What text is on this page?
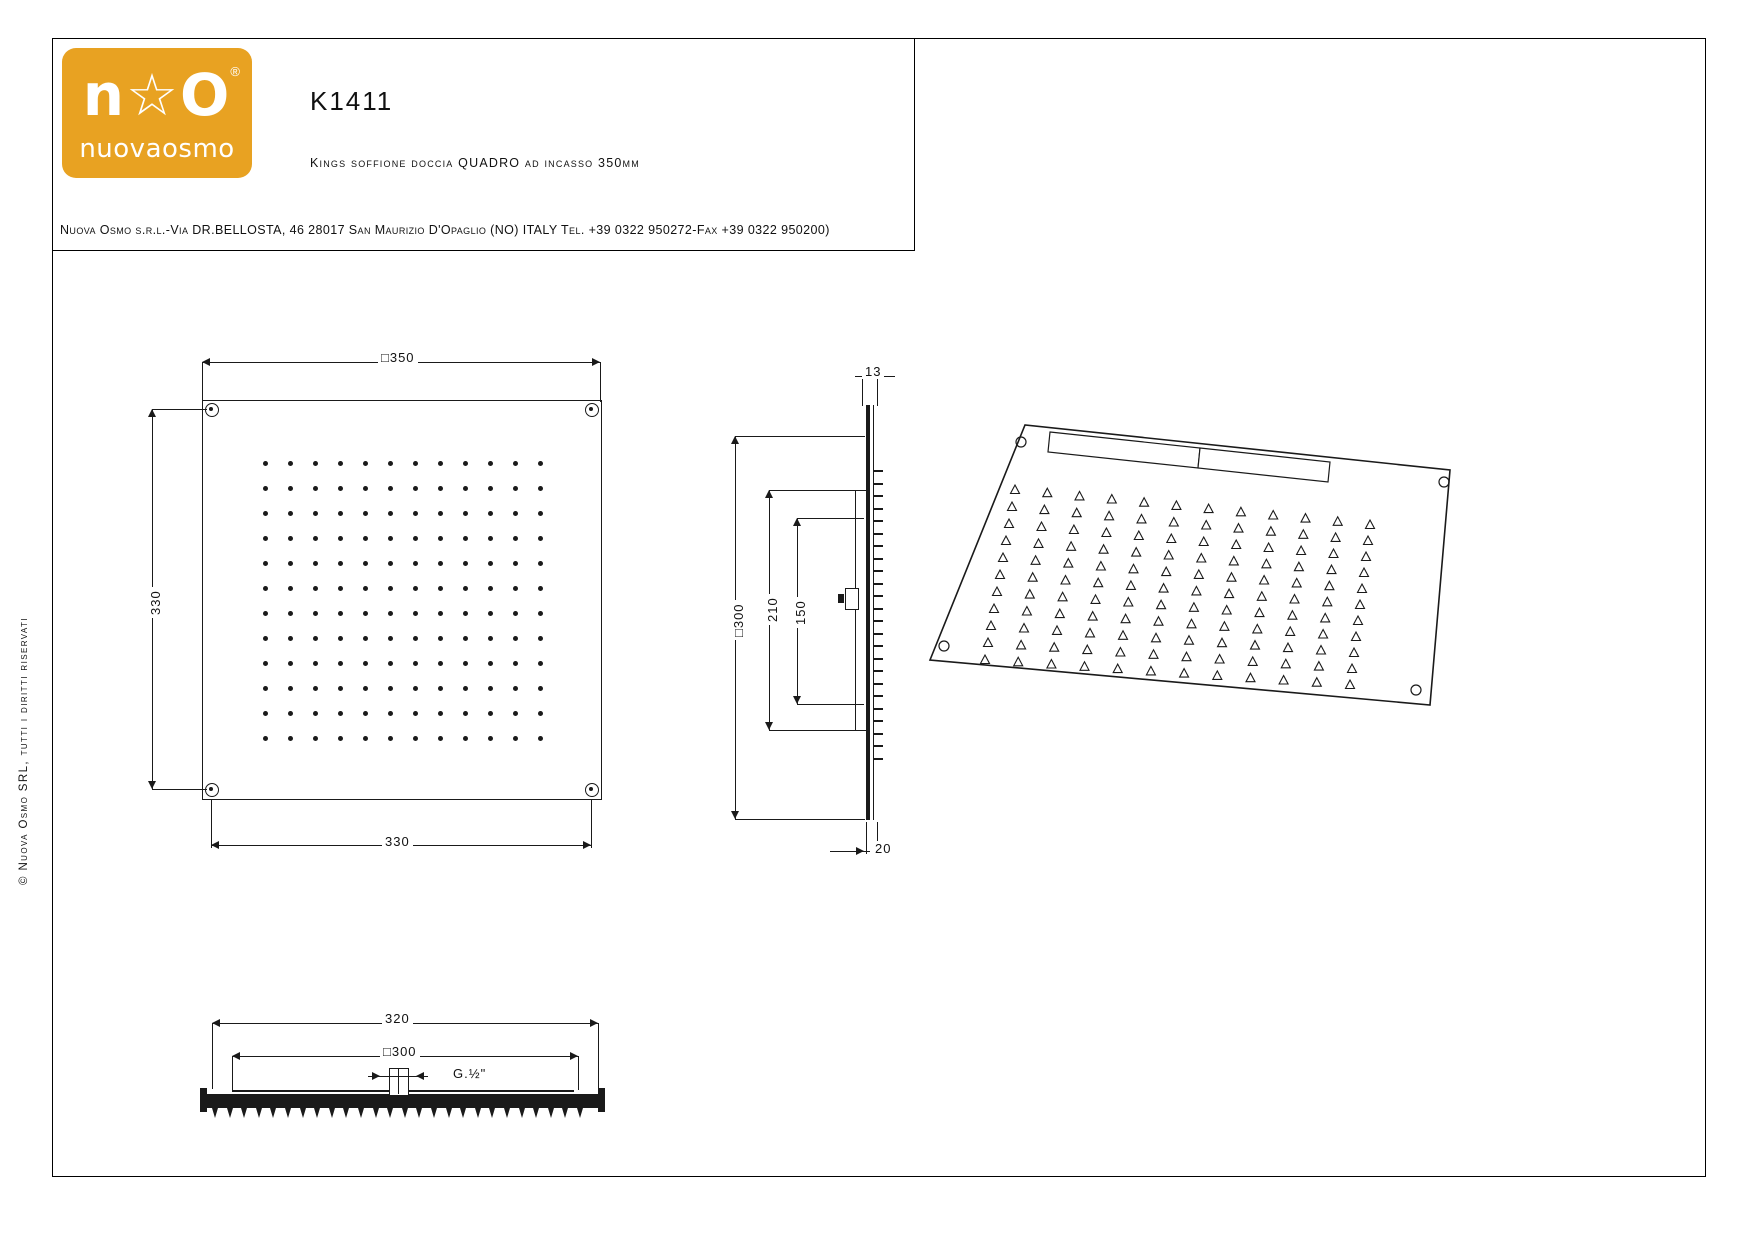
n☆O ®
nuovaosmo
K1411
Kings soffione doccia QUADRO ad incasso 350mm
Nuova Osmo s.r.l.-Via DR.BELLOSTA, 46 28017 San Maurizio D'Opaglio (NO) ITALY Tel. +39 0322 950272-Fax +39 0322 950200)
© Nuova Osmo SRL, tutti i diritti riservati
□350
330
330
13
□300 210 150
20
320
□300
G.½"
